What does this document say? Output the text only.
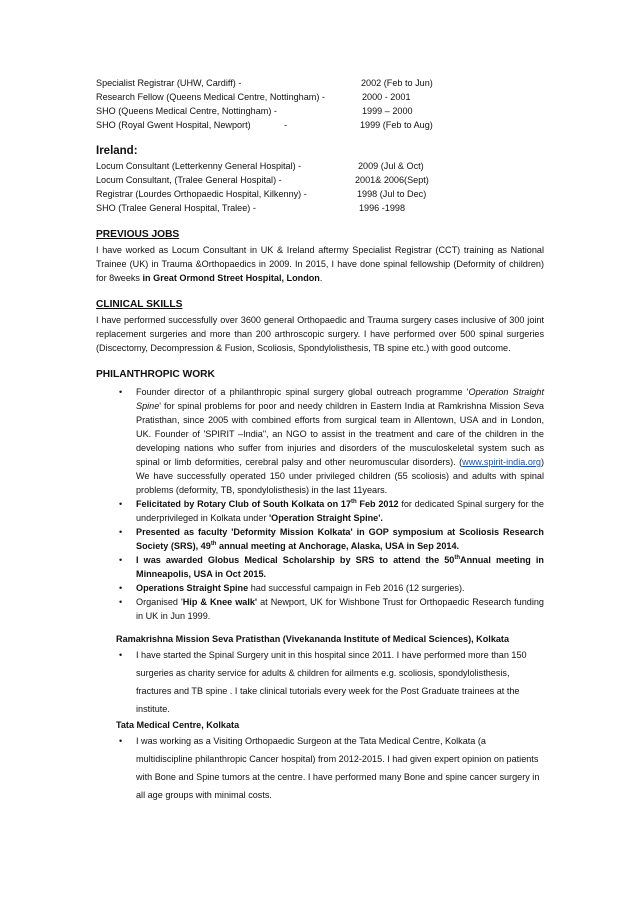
Specialist Registrar (UHW, Cardiff) -	2002 (Feb to Jun)
Research Fellow (Queens Medical Centre, Nottingham) -	2000 - 2001
SHO (Queens Medical Centre, Nottingham) -	1999 – 2000
SHO (Royal Gwent Hospital, Newport)	-	1999 (Feb to Aug)
Ireland:
Locum Consultant (Letterkenny General Hospital) -	2009 (Jul & Oct)
Locum Consultant, (Tralee General Hospital) -	2001& 2006(Sept)
Registrar (Lourdes Orthopaedic Hospital, Kilkenny) -	1998 (Jul to Dec)
SHO (Tralee General Hospital, Tralee) -	1996 -1998
PREVIOUS JOBS
I have worked as Locum Consultant in UK & Ireland aftermy Specialist Registrar (CCT) training as National Trainee (UK) in Trauma &Orthopaedics in 2009. In 2015, I have done spinal fellowship (Deformity of children) for 8weeks in Great Ormond Street Hospital, London.
CLINICAL SKILLS
I have performed successfully over 3600 general Orthopaedic and Trauma surgery cases inclusive of 300 joint replacement surgeries and more than 200 arthroscopic surgery. I have performed over 500 spinal surgeries (Discectomy, Decompression & Fusion, Scoliosis, Spondylolisthesis, TB spine etc.) with good outcome.
PHILANTHROPIC WORK
• Founder director of a philanthropic spinal surgery global outreach programme 'Operation Straight Spine' for spinal problems for poor and needy children in Eastern India at Ramkrishna Mission Seva Pratisthan, since 2005 with combined efforts from surgical team in Allentown, USA and in London, UK. Founder of 'SPIRIT –India", an NGO to assist in the treatment and care of the children in the developing nations who suffer from injuries and disorders of the musculoskeletal system such as spinal or limb deformities, cerebral palsy and other neuromuscular disorders). (www.spirit-india.org) We have successfully operated 150 under privileged children (55 scoliosis) and adults with spinal problems (deformity, TB, spondylolisthesis) in the last 11years.
• Felicitated by Rotary Club of South Kolkata on 17th Feb 2012 for dedicated Spinal surgery for the underprivileged in Kolkata under 'Operation Straight Spine'.
• Presented as faculty 'Deformity Mission Kolkata' in GOP symposium at Scoliosis Research Society (SRS), 49th annual meeting at Anchorage, Alaska, USA in Sep 2014.
• I was awarded Globus Medical Scholarship by SRS to attend the 50thAnnual meeting in Minneapolis, USA in Oct 2015.
• Operations Straight Spine had successful campaign in Feb 2016 (12 surgeries).
• Organised 'Hip & Knee walk' at Newport, UK for Wishbone Trust for Orthopaedic Research funding in UK in Jun 1999.
Ramakrishna Mission Seva Pratisthan (Vivekananda Institute of Medical Sciences), Kolkata
• I have started the Spinal Surgery unit in this hospital since 2011. I have performed more than 150 surgeries as charity service for adults & children for ailments e.g. scoliosis, spondylolisthesis, fractures and TB spine . I take clinical tutorials every week for the Post Graduate trainees at the institute.
Tata Medical Centre, Kolkata
• I was working as a Visiting Orthopaedic Surgeon at the Tata Medical Centre, Kolkata (a multidiscipline philanthropic Cancer hospital) from 2012-2015. I had given expert opinion on patients with Bone and Spine tumors at the centre. I have performed many Bone and spine cancer surgery in all age groups with minimal costs.
